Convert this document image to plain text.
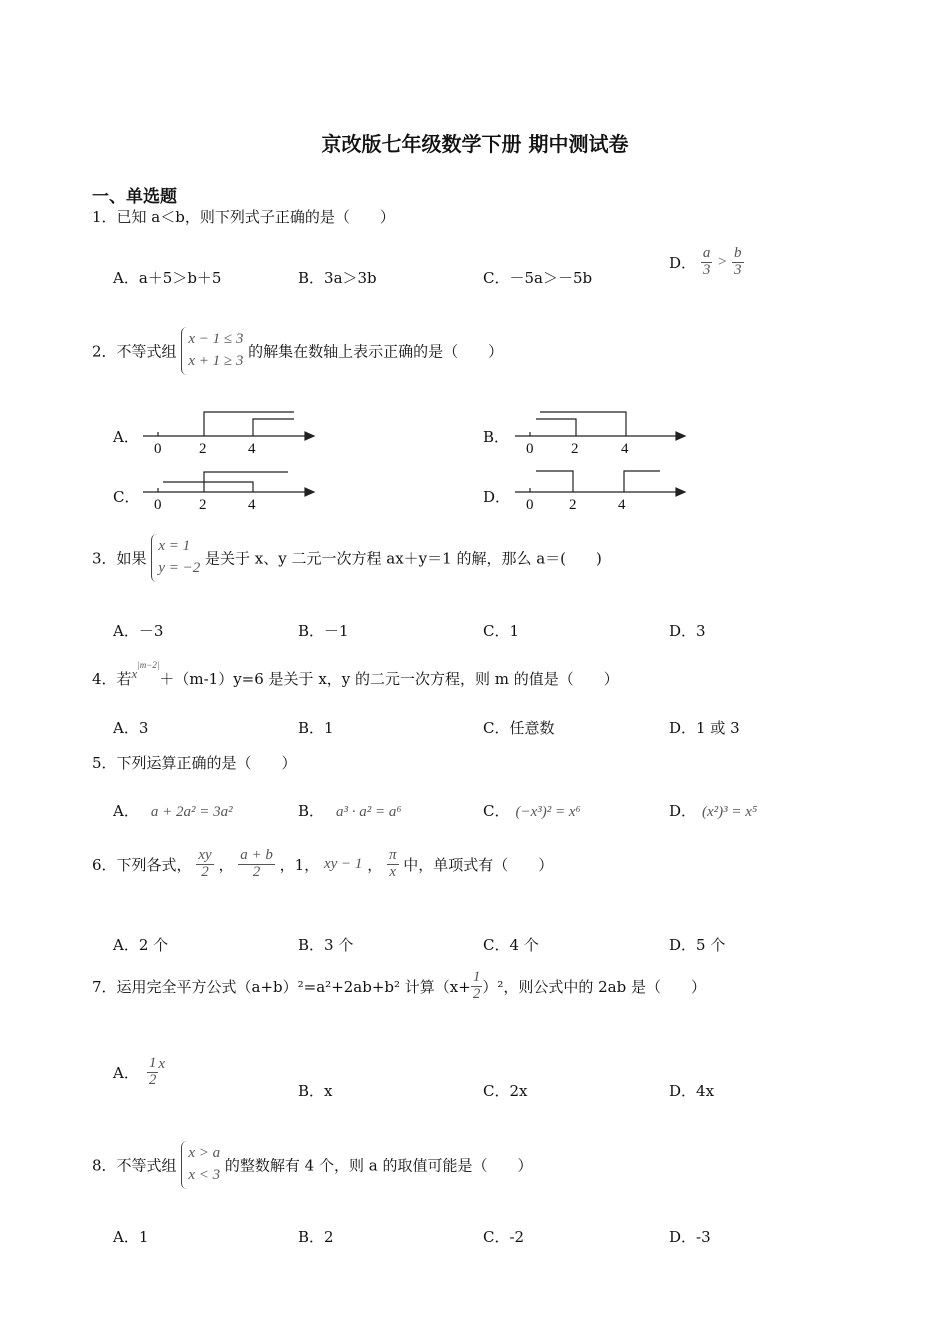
京改版七年级数学下册 期中测试卷
一、单选题
1．已知 a＜b，则下列式子正确的是（　　）
A．a＋5＞b＋5	B．3a＞3b	C．－5a＞－5b
D． $\frac{a}{3} > \frac{b}{3}$
2．不等式组 x − 1 ≤ 3
x + 1 ≥ 3 的解集在数轴上表示正确的是（　　）
A．	B．
C．	D．
0	2	4	0	2	4
0	2	4	0 2	4
3．如果 x = 1
y = −2 是关于 x、y 二元一次方程 ax＋y＝1 的解，那么 a＝(　　)
A．－3	B．－1	C．1	D．3
4．若$x^{|m-2|}+(m-1)y=6$ 是关于 x，y 的二元一次方程，则 m 的值是（　　）
A．3	B．1	C．任意数	D．1 或 3
5．下列运算正确的是（　　）
A． a + 2a² = 3a²	B． a³ · a² = a⁶	C． (−x³)² = x⁶	D． (x²)³ = x⁵
6．下列各式， $\frac{xy}{2}$ ， $\frac{a + b}{2}$ ，1， xy − 1 ， $\frac{\pi}{x}$ 中，单项式有（　　）
A．2 个	B．3 个	C．4 个	D．5 个
7．运用完全平方公式（a+b）²=a²+2ab+b² 计算$(x+ \frac{1}{2} )^2$，则公式中的 2ab 是（　　）
A． $\frac{1}{2}$ x
B．x	C．2x	D．4x
8．不等式组 x > a
x < 3 的整数解有 4 个，则 a 的取值可能是（　　）
A．1	B．2	C．-2	D．-3
